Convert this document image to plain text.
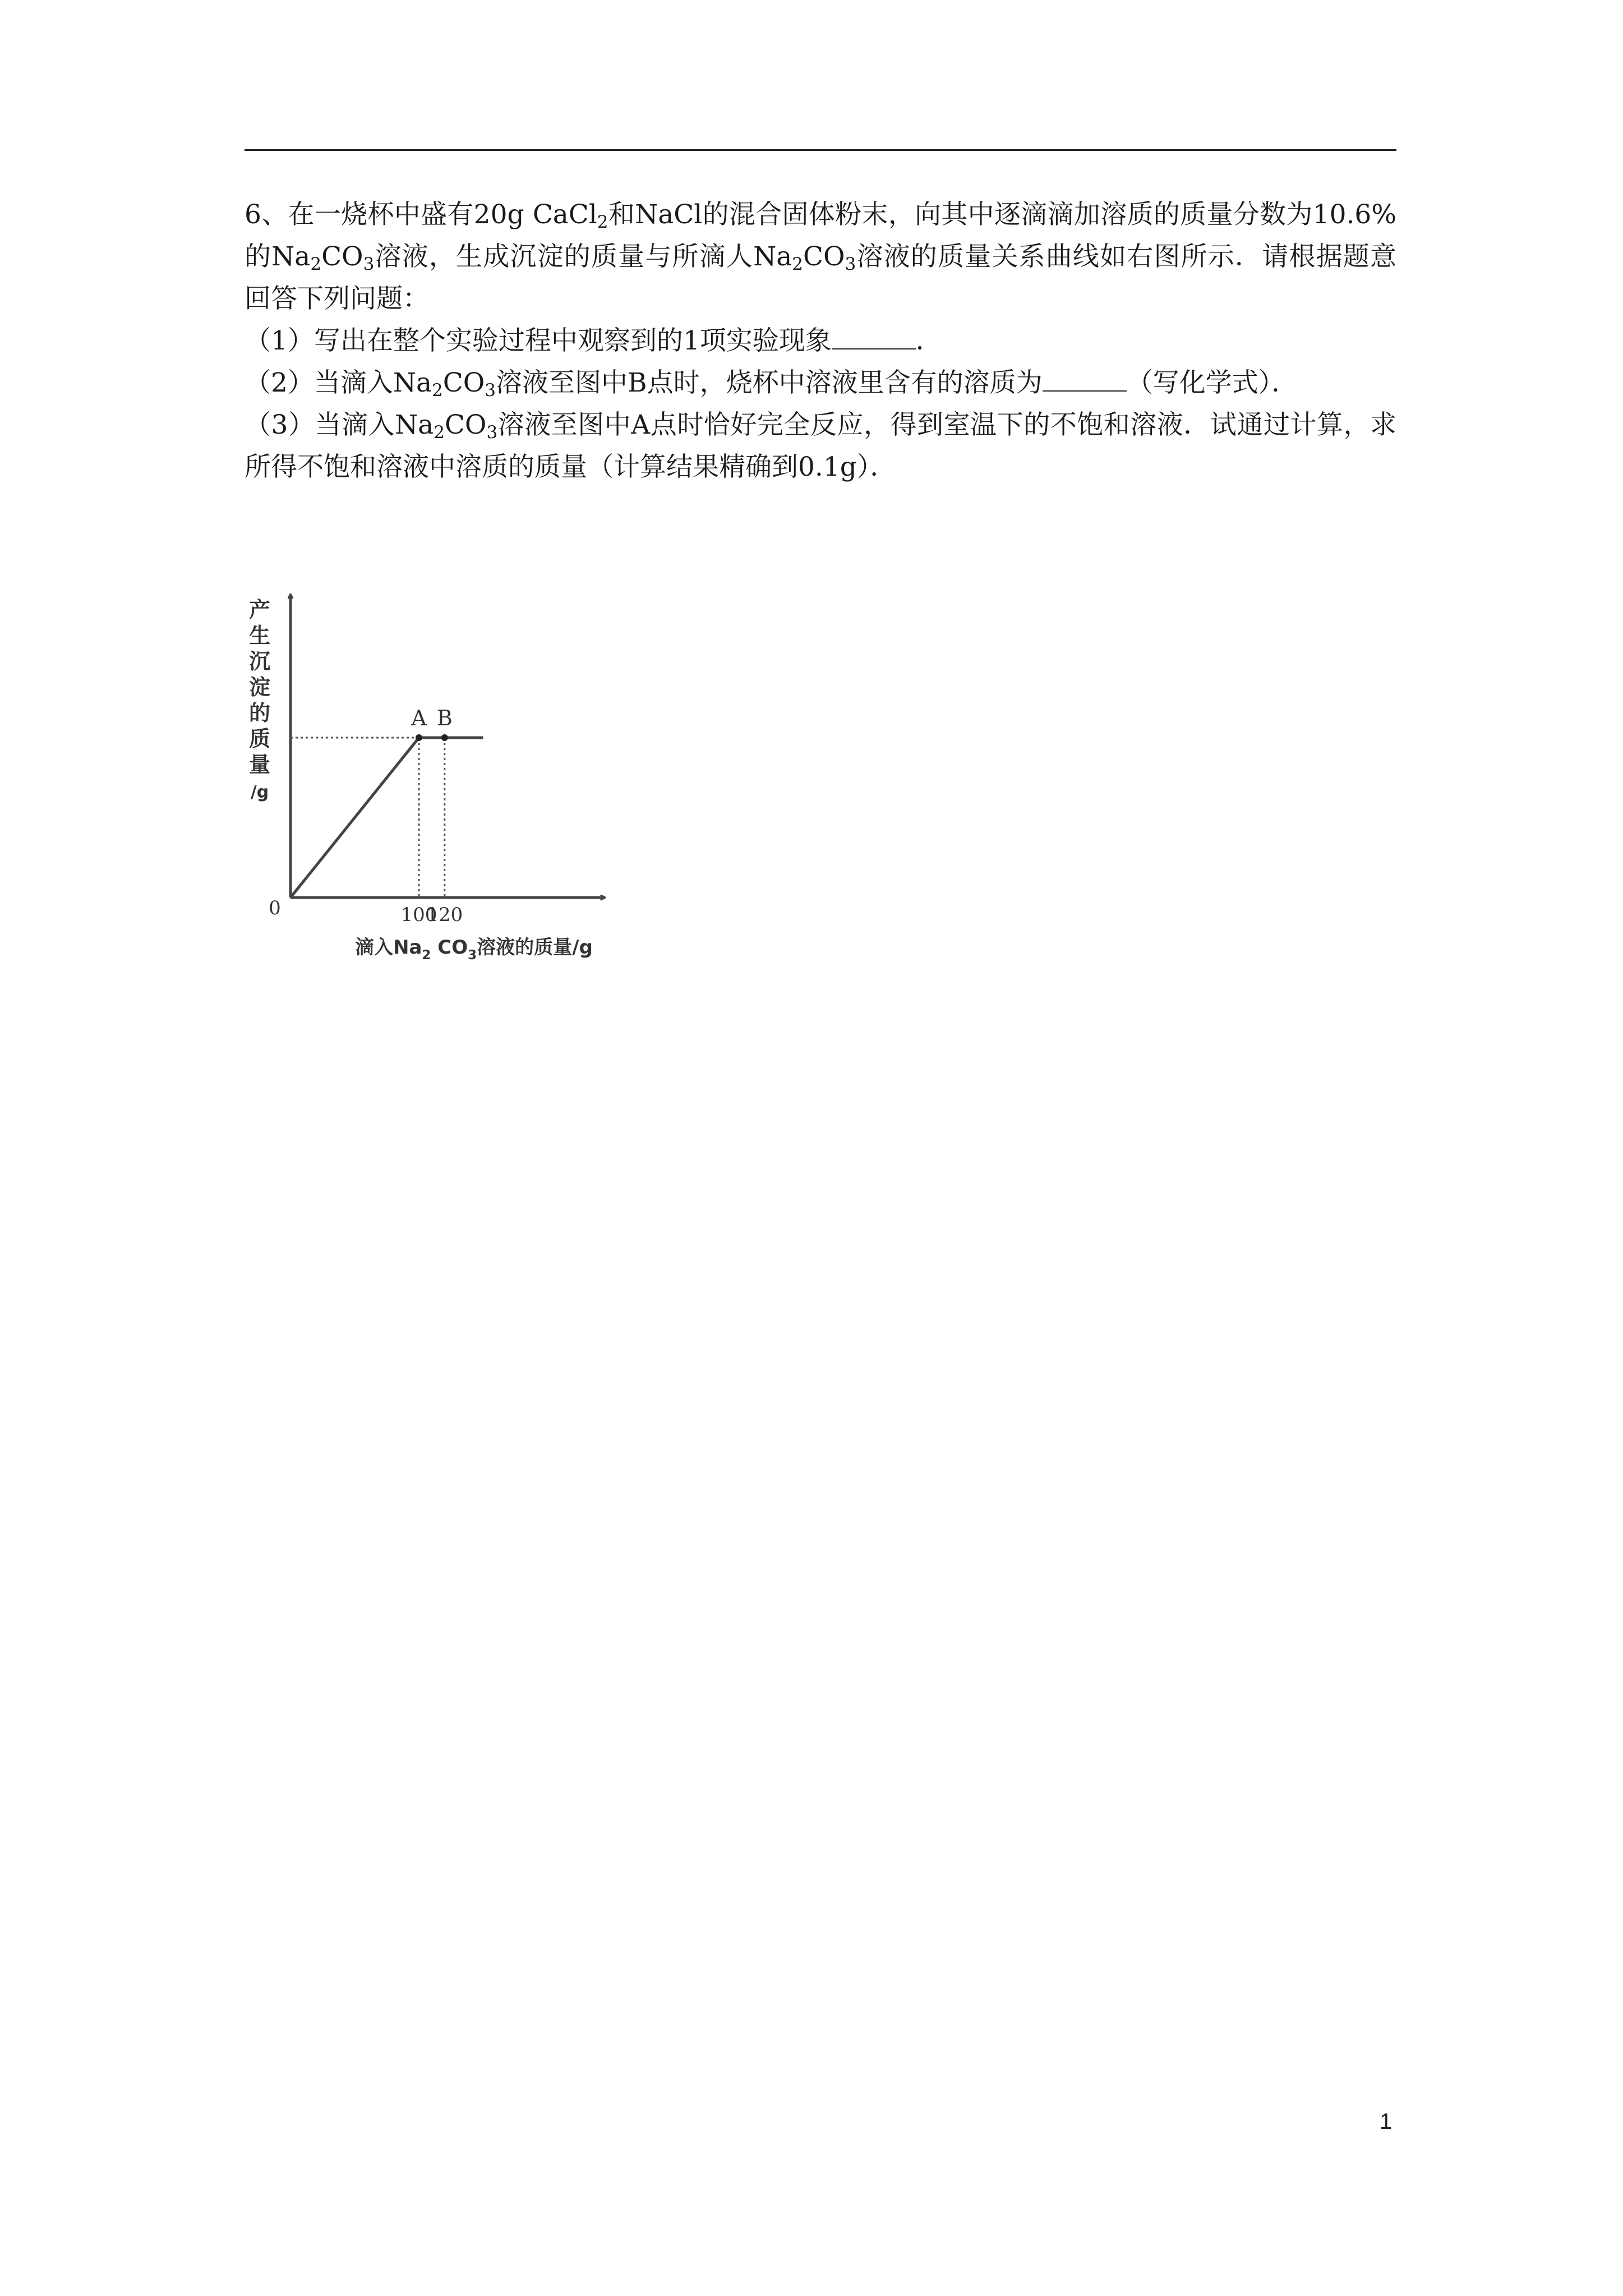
6、在一烧杯中盛有20g CaCl$_2$和NaCl的混合固体粉末，向其中逐滴滴加溶质的质量分数为10.6%的$Na_2CO_3$溶液，生成沉淀的质量与所滴人$Na_2CO_3$溶液的质量关系曲线如右图所示．请根据题意回答下列问题：

（1）写出在整个实验过程中观察到的1项实验现象	．

（2）当滴入$Na_2CO_3$溶液至图中B点时，烧杯中溶液里含有的溶质为	（写化学式）．

（3）当滴入$Na_2CO_3$溶液至图中A点时恰好完全反应，得到室温下的不饱和溶液．试通过计算，求所得不饱和溶液中溶质的质量（计算结果精确到0.1g）．

产
生
沉
淀
的
质
量
/g
A B
100
120
0
滴入$Na_2$ $CO_3$溶液的质量/g
1
